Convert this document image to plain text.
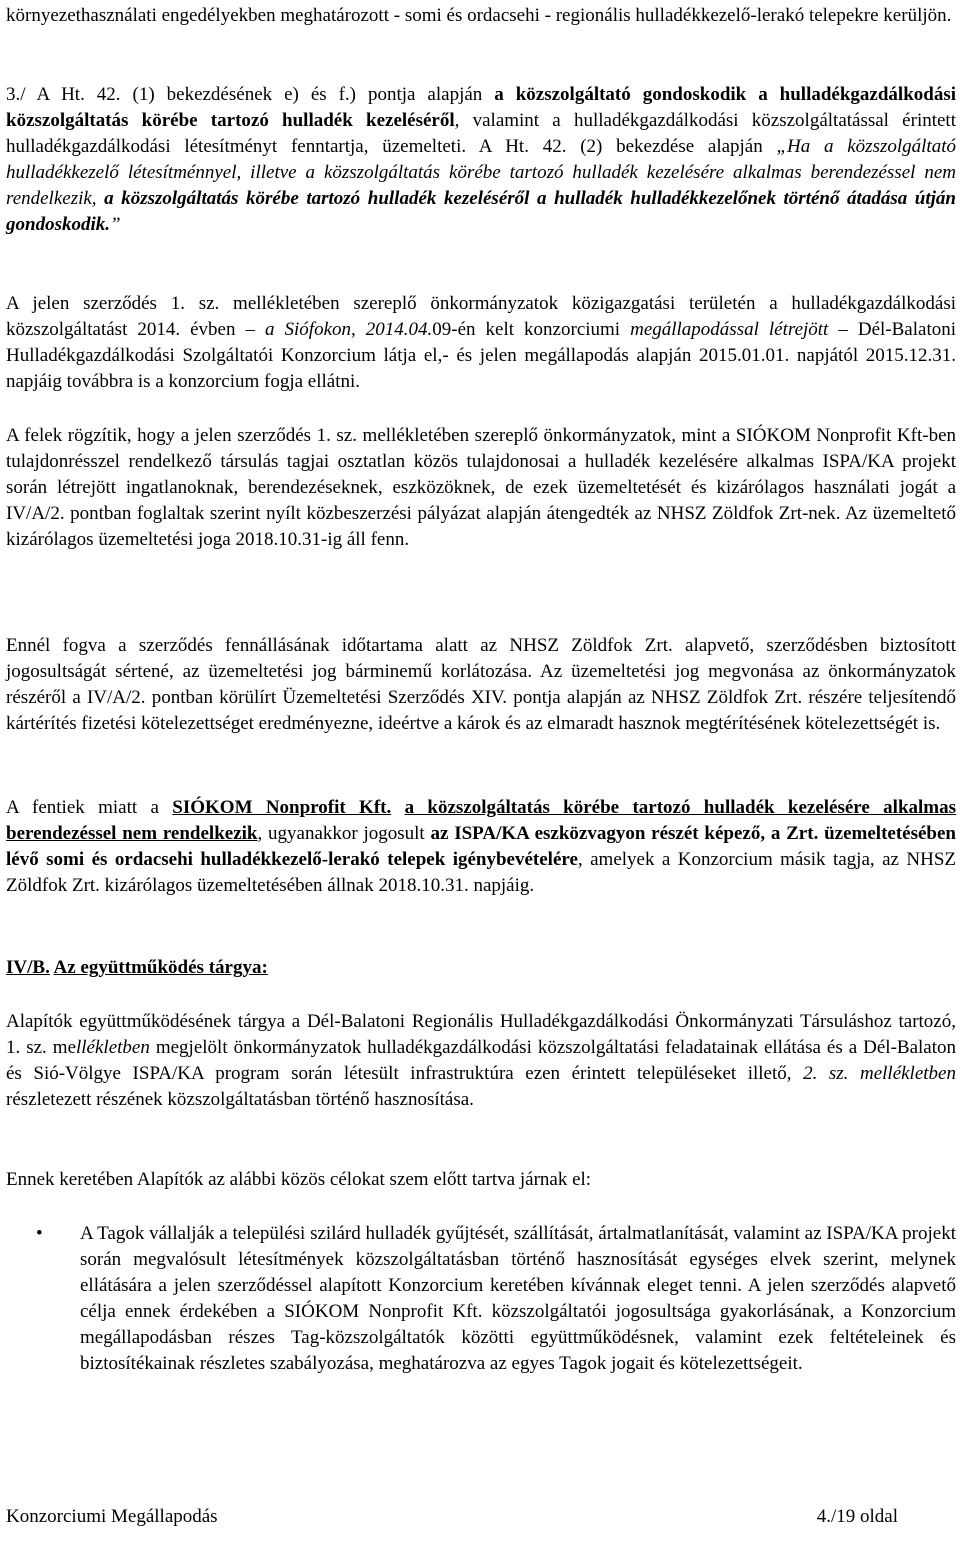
környezethasználati engedélyekben meghatározott - somi és ordacsehi - regionális hulladékkezelő-lerakó telepekre kerüljön.

3./ A Ht. 42. (1) bekezdésének e) és f.) pontja alapján a közszolgáltató gondoskodik a hulladékgazdálkodási közszolgáltatás körébe tartozó hulladék kezeléséről, valamint a hulladékgazdálkodási közszolgáltatással érintett hulladékgazdálkodási létesítményt fenntartja, üzemelteti. A Ht. 42. (2) bekezdése alapján „Ha a közszolgáltató hulladékkezelő létesítménnyel, illetve a közszolgáltatás körébe tartozó hulladék kezelésére alkalmas berendezéssel nem rendelkezik, a közszolgáltatás körébe tartozó hulladék kezeléséről a hulladék hulladékkezelőnek történő átadása útján gondoskodik.”

A jelen szerződés 1. sz. mellékletében szereplő önkormányzatok közigazgatási területén a hulladékgazdálkodási közszolgáltatást 2014. évben – a Siófokon, 2014.04.09-én kelt konzorciumi megállapodással létrejött – Dél-Balatoni Hulladékgazdálkodási Szolgáltatói Konzorcium látja el,- és jelen megállapodás alapján 2015.01.01. napjától 2015.12.31. napjáig továbbra is a konzorcium fogja ellátni.

A felek rögzítik, hogy a jelen szerződés 1. sz. mellékletében szereplő önkormányzatok, mint a SIÓKOM Nonprofit Kft-ben tulajdonrésszel rendelkező társulás tagjai osztatlan közös tulajdonosai a hulladék kezelésére alkalmas ISPA/KA projekt során létrejött ingatlanoknak, berendezéseknek, eszközöknek, de ezek üzemeltetését és kizárólagos használati jogát a IV/A/2. pontban foglaltak szerint nyílt közbeszerzési pályázat alapján átengedték az NHSZ Zöldfok Zrt-nek. Az üzemeltető kizárólagos üzemeltetési joga 2018.10.31-ig áll fenn.

Ennél fogva a szerződés fennállásának időtartama alatt az NHSZ Zöldfok Zrt. alapvető, szerződésben biztosított jogosultságát sértené, az üzemeltetési jog bárminemű korlátozása. Az üzemeltetési jog megvonása az önkormányzatok részéről a IV/A/2. pontban körülírt Üzemeltetési Szerződés XIV. pontja alapján az NHSZ Zöldfok Zrt. részére teljesítendő kártérítés fizetési kötelezettséget eredményezne, ideértve a károk és az elmaradt hasznok megtérítésének kötelezettségét is.

A fentiek miatt a SIÓKOM Nonprofit Kft. a közszolgáltatás körébe tartozó hulladék kezelésére alkalmas berendezéssel nem rendelkezik, ugyanakkor jogosult az ISPA/KA eszközvagyon részét képező, a Zrt. üzemeltetésében lévő somi és ordacsehi hulladékkezelő-lerakó telepek igénybevételére, amelyek a Konzorcium másik tagja, az NHSZ Zöldfok Zrt. kizárólagos üzemeltetésében állnak 2018.10.31. napjáig.

IV/B. Az együttműködés tárgya:

Alapítók együttműködésének tárgya a Dél-Balatoni Regionális Hulladékgazdálkodási Önkormányzati Társuláshoz tartozó, 1. sz. mellékletben megjelölt önkormányzatok hulladékgazdálkodási közszolgáltatási feladatainak ellátása és a Dél-Balaton és Sió-Völgye ISPA/KA program során létesült infrastruktúra ezen érintett településeket illető, 2. sz. mellékletben részletezett részének közszolgáltatásban történő hasznosítása.

Ennek keretében Alapítók az alábbi közös célokat szem előtt tartva járnak el:

• A Tagok vállalják a települési szilárd hulladék gyűjtését, szállítását, ártalmatlanítását, valamint az ISPA/KA projekt során megvalósult létesítmények közszolgáltatásban történő hasznosítását egységes elvek szerint, melynek ellátására a jelen szerződéssel alapított Konzorcium keretében kívánnak eleget tenni. A jelen szerződés alapvető célja ennek érdekében a SIÓKOM Nonprofit Kft. közszolgáltatói jogosultsága gyakorlásának, a Konzorcium megállapodásban részes Tag-közszolgáltatók közötti együttműködésnek, valamint ezek feltételeinek és biztosítékainak részletes szabályozása, meghatározva az egyes Tagok jogait és kötelezettségeit.
Konzorciumi Megállapodás	4./19 oldal
